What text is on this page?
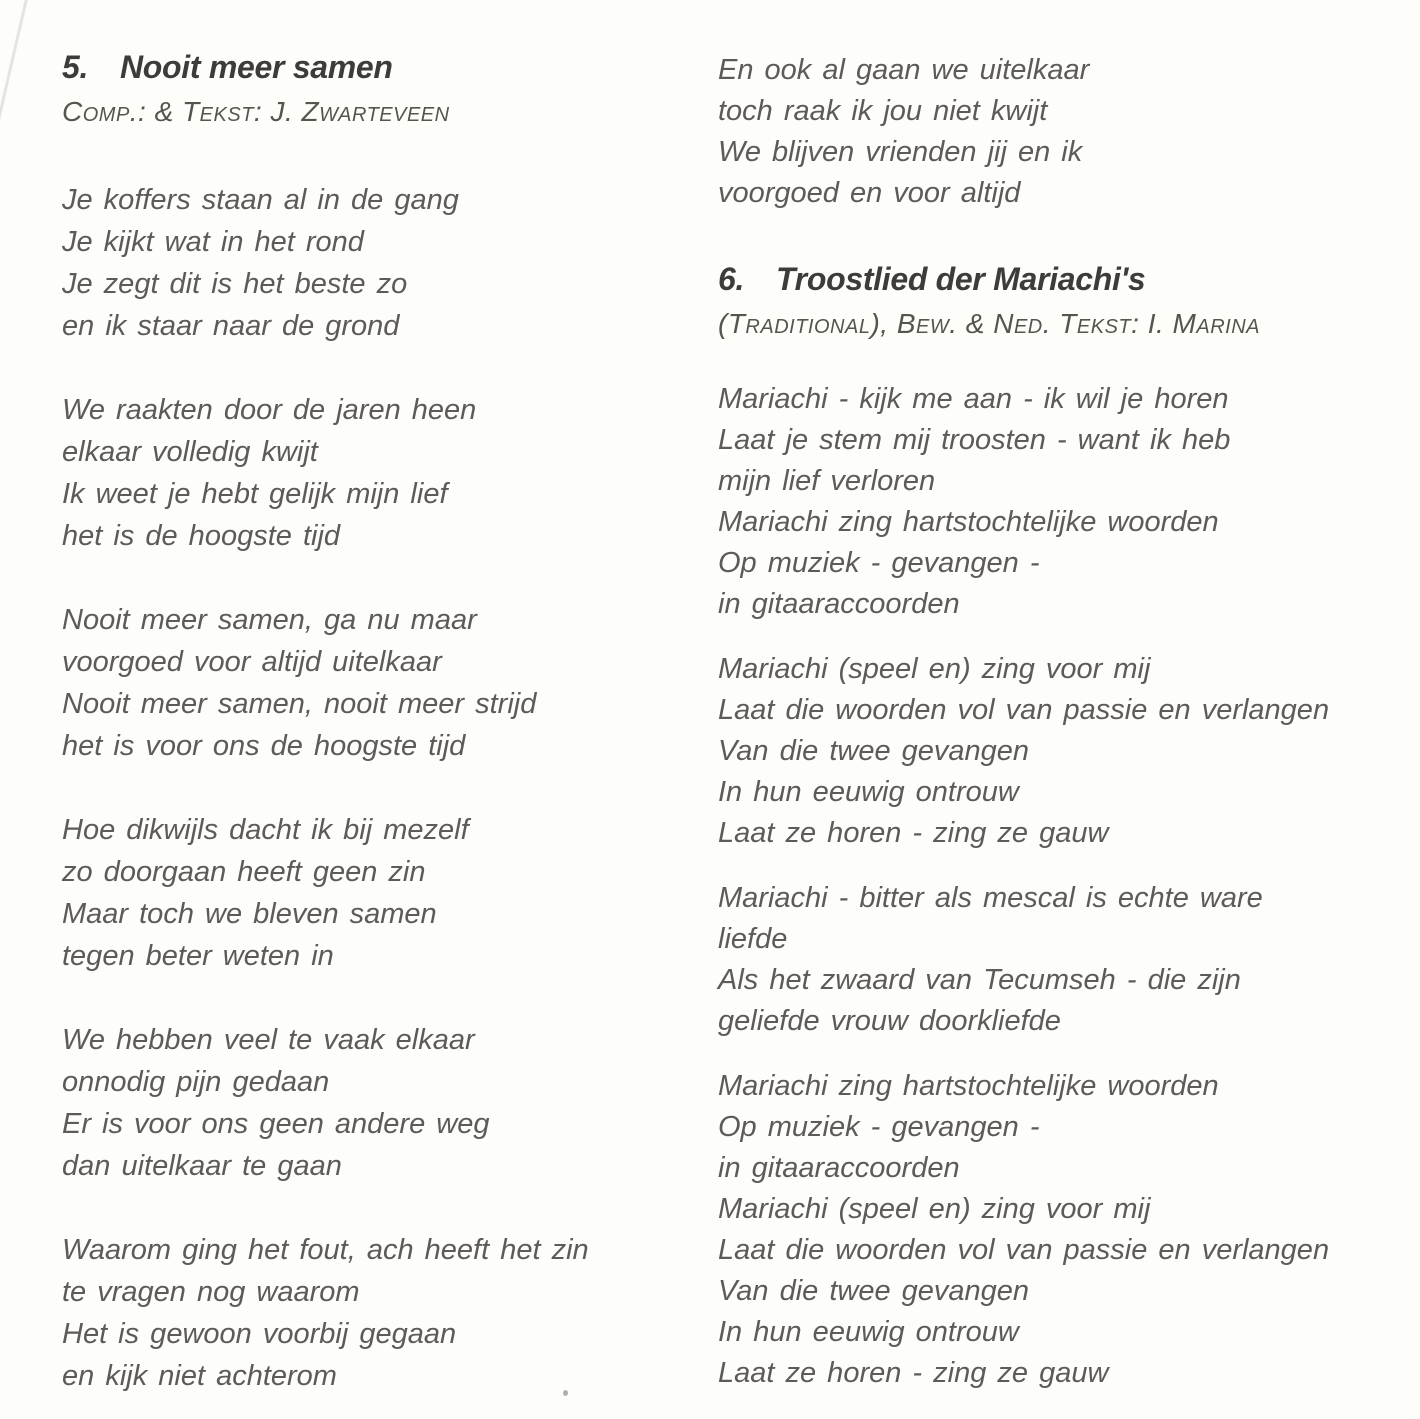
5. Nooit meer samen
Comp.: & Tekst: J. Zwarteveen

Je koffers staan al in de gang
Je kijkt wat in het rond
Je zegt dit is het beste zo
en ik staar naar de grond

We raakten door de jaren heen
elkaar volledig kwijt
Ik weet je hebt gelijk mijn lief
het is de hoogste tijd

Nooit meer samen, ga nu maar
voorgoed voor altijd uitelkaar
Nooit meer samen, nooit meer strijd
het is voor ons de hoogste tijd

Hoe dikwijls dacht ik bij mezelf
zo doorgaan heeft geen zin
Maar toch we bleven samen
tegen beter weten in

We hebben veel te vaak elkaar
onnodig pijn gedaan
Er is voor ons geen andere weg
dan uitelkaar te gaan

Waarom ging het fout, ach heeft het zin
te vragen nog waarom
Het is gewoon voorbij gegaan
en kijk niet achterom

En ook al gaan we uitelkaar
toch raak ik jou niet kwijt
We blijven vrienden jij en ik
voorgoed en voor altijd

6. Troostlied der Mariachi's
(Traditional), Bew. & Ned. Tekst: I. Marina

Mariachi - kijk me aan - ik wil je horen
Laat je stem mij troosten - want ik heb
mijn lief verloren
Mariachi zing hartstochtelijke woorden
Op muziek - gevangen -
in gitaaraccoorden

Mariachi (speel en) zing voor mij
Laat die woorden vol van passie en verlangen
Van die twee gevangen
In hun eeuwig ontrouw
Laat ze horen - zing ze gauw

Mariachi - bitter als mescal is echte ware
liefde
Als het zwaard van Tecumseh - die zijn
geliefde vrouw doorkliefde

Mariachi zing hartstochtelijke woorden
Op muziek - gevangen -
in gitaaraccoorden
Mariachi (speel en) zing voor mij
Laat die woorden vol van passie en verlangen
Van die twee gevangen
In hun eeuwig ontrouw
Laat ze horen - zing ze gauw
